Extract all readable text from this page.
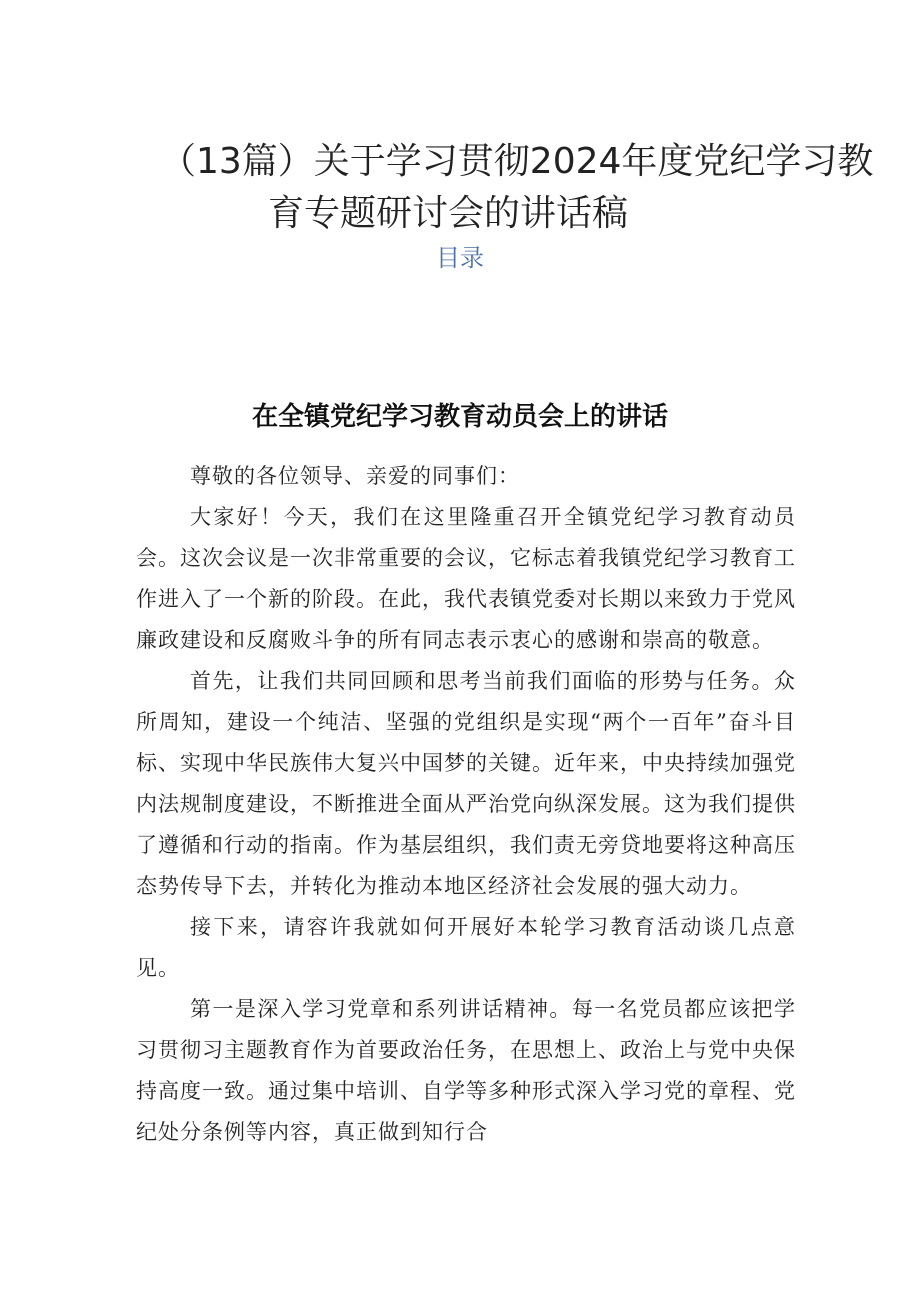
（13篇）关于学习贯彻2024年度党纪学习教
育专题研讨会的讲话稿
目录
在全镇党纪学习教育动员会上的讲话

尊敬的各位领导、亲爱的同事们：

大家好！今天，我们在这里隆重召开全镇党纪学习教育动员会。这次会议是一次非常重要的会议，它标志着我镇党纪学习教育工作进入了一个新的阶段。在此，我代表镇党委对长期以来致力于党风廉政建设和反腐败斗争的所有同志表示衷心的感谢和崇高的敬意。

首先，让我们共同回顾和思考当前我们面临的形势与任务。众所周知，建设一个纯洁、坚强的党组织是实现“两个一百年”奋斗目标、实现中华民族伟大复兴中国梦的关键。近年来，中央持续加强党内法规制度建设，不断推进全面从严治党向纵深发展。这为我们提供了遵循和行动的指南。作为基层组织，我们责无旁贷地要将这种高压态势传导下去，并转化为推动本地区经济社会发展的强大动力。

接下来，请容许我就如何开展好本轮学习教育活动谈几点意见。

第一是深入学习党章和系列讲话精神。每一名党员都应该把学习贯彻习主题教育作为首要政治任务，在思想上、政治上与党中央保持高度一致。通过集中培训、自学等多种形式深入学习党的章程、党纪处分条例等内容，真正做到知行合
